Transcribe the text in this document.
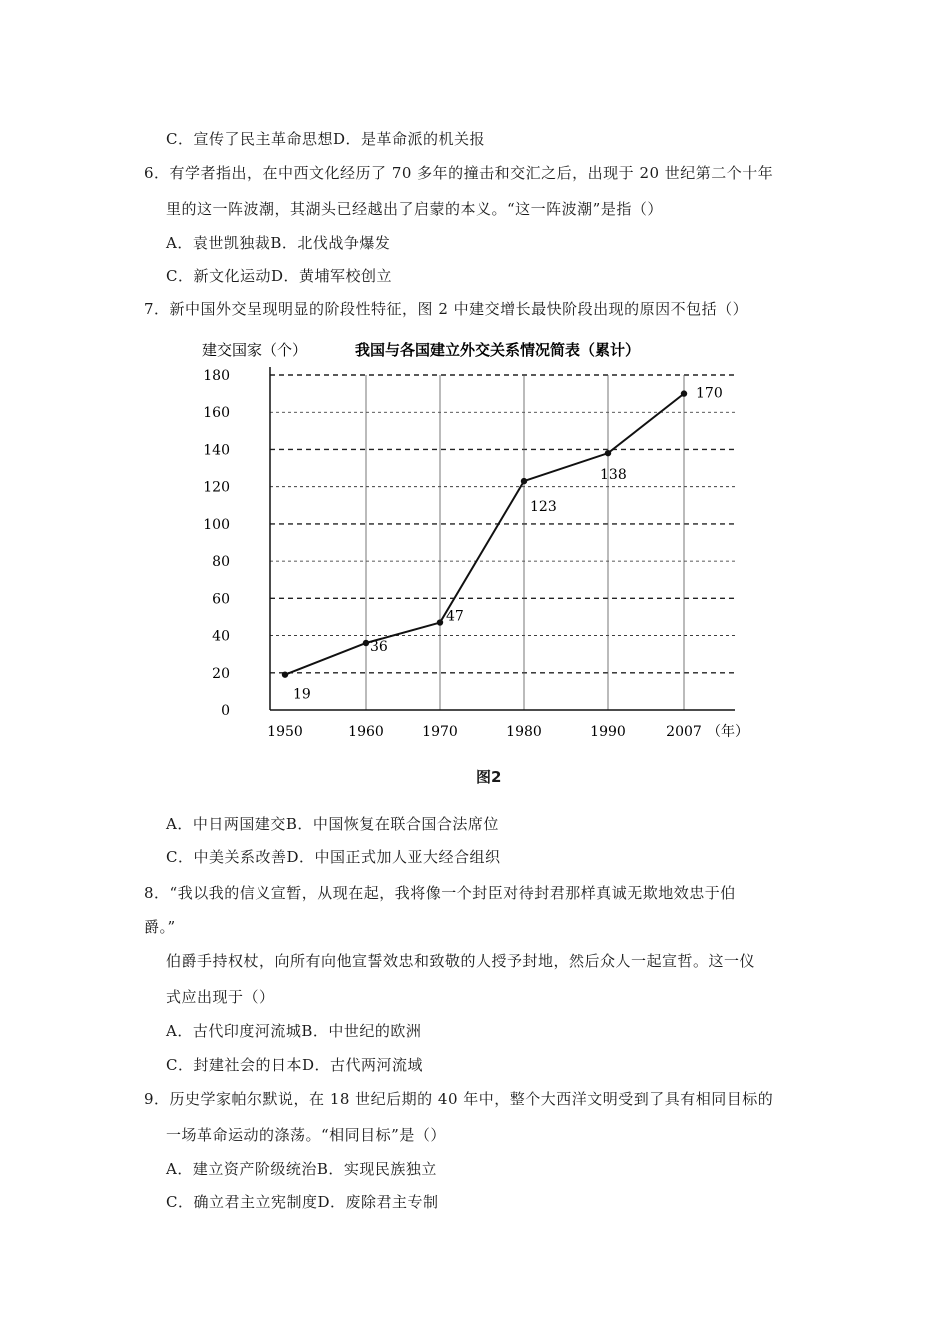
C．宣传了民主革命思想D．是革命派的机关报
6．有学者指出，在中西文化经历了 70 多年的撞击和交汇之后，出现于 20 世纪第二个十年
里的这一阵波潮，其湖头已经越出了启蒙的本义。“这一阵波潮”是指（）
A．袁世凯独裁B．北伐战争爆发
C．新文化运动D．黄埔军校创立
7．新中国外交呈现明显的阶段性特征，图 2 中建交增长最快阶段出现的原因不包括（）
A．中日两国建交B．中国恢复在联合国合法席位
C．中美关系改善D．中国正式加人亚大经合组织
8．“我以我的信义宣暂，从现在起，我将像一个封臣对待封君那样真诚无欺地效忠于伯
爵。”
伯爵手持权杖，向所有向他宣誓效忠和致敬的人授予封地，然后众人一起宣哲。这一仪
式应出现于（）
A．古代印度河流城B．中世纪的欧洲
C．封建社会的日本D．古代两河流域
9．历史学家帕尔默说，在 18 世纪后期的 40 年中，整个大西洋文明受到了具有相同目标的
一场革命运动的涤荡。“相同目标”是（）
A．建立资产阶级统治B．实现民族独立
C．确立君主立宪制度D．废除君主专制
建交国家（个）	我国与各国建立外交关系情况简表（累计）
0
20
40
60
80
100
120
140
160
180
1950	1960	1970	1980	1990	2007 （年）
19
36
47
123
138
170
图2
